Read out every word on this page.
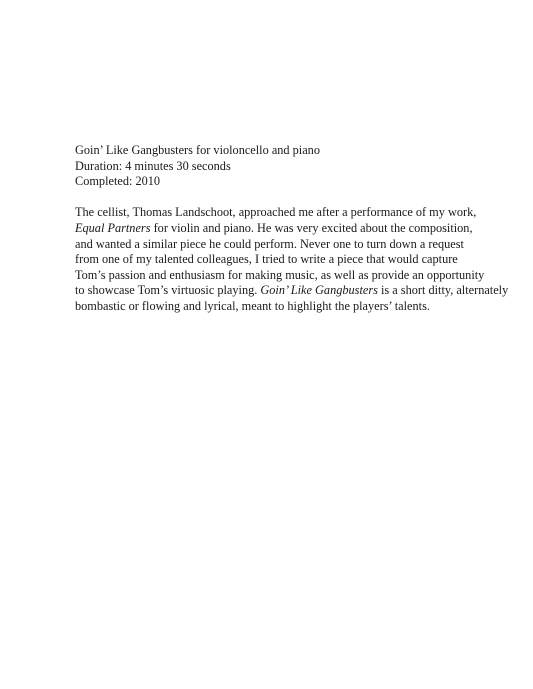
Goin’ Like Gangbusters for violoncello and piano
Duration: 4 minutes 30 seconds
Completed: 2010
The cellist, Thomas Landschoot, approached me after a performance of my work,
Equal Partners for violin and piano. He was very excited about the composition,
and wanted a similar piece he could perform. Never one to turn down a request
from one of my talented colleagues, I tried to write a piece that would capture
Tom’s passion and enthusiasm for making music, as well as provide an opportunity
to showcase Tom’s virtuosic playing. Goin’ Like Gangbusters is a short ditty, alternately
bombastic or flowing and lyrical, meant to highlight the players’ talents.
